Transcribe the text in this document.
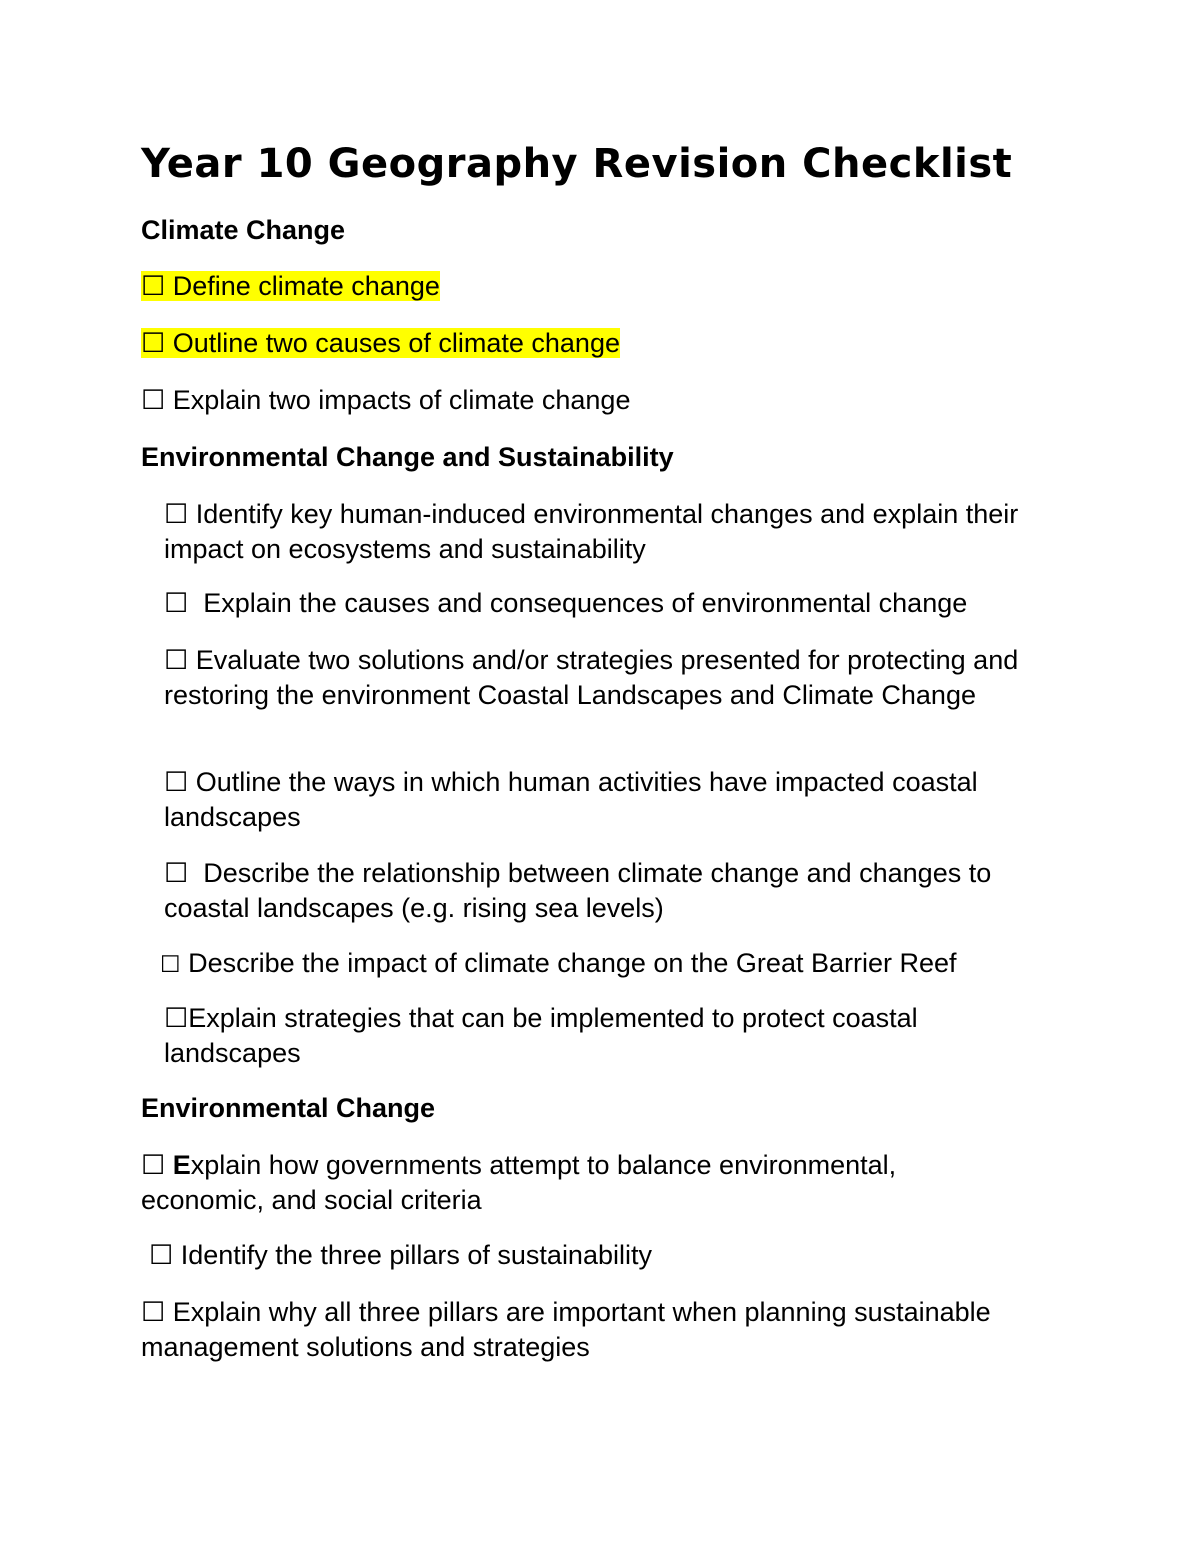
Year 10 Geography Revision Checklist
Climate Change

☐ Define climate change

☐ Outline two causes of climate change

☐ Explain two impacts of climate change

Environmental Change and Sustainability

☐ Identify key human-induced environmental changes and explain their impact on ecosystems and sustainability

☐ Explain the causes and consequences of environmental change

☐ Evaluate two solutions and/or strategies presented for protecting and restoring the environment Coastal Landscapes and Climate Change

☐ Outline the ways in which human activities have impacted coastal landscapes

☐ Describe the relationship between climate change and changes to coastal landscapes (e.g. rising sea levels)

☐ Describe the impact of climate change on the Great Barrier Reef

☐Explain strategies that can be implemented to protect coastal landscapes

Environmental Change

☐ Explain how governments attempt to balance environmental, economic, and social criteria

☐ Identify the three pillars of sustainability

☐ Explain why all three pillars are important when planning sustainable management solutions and strategies
